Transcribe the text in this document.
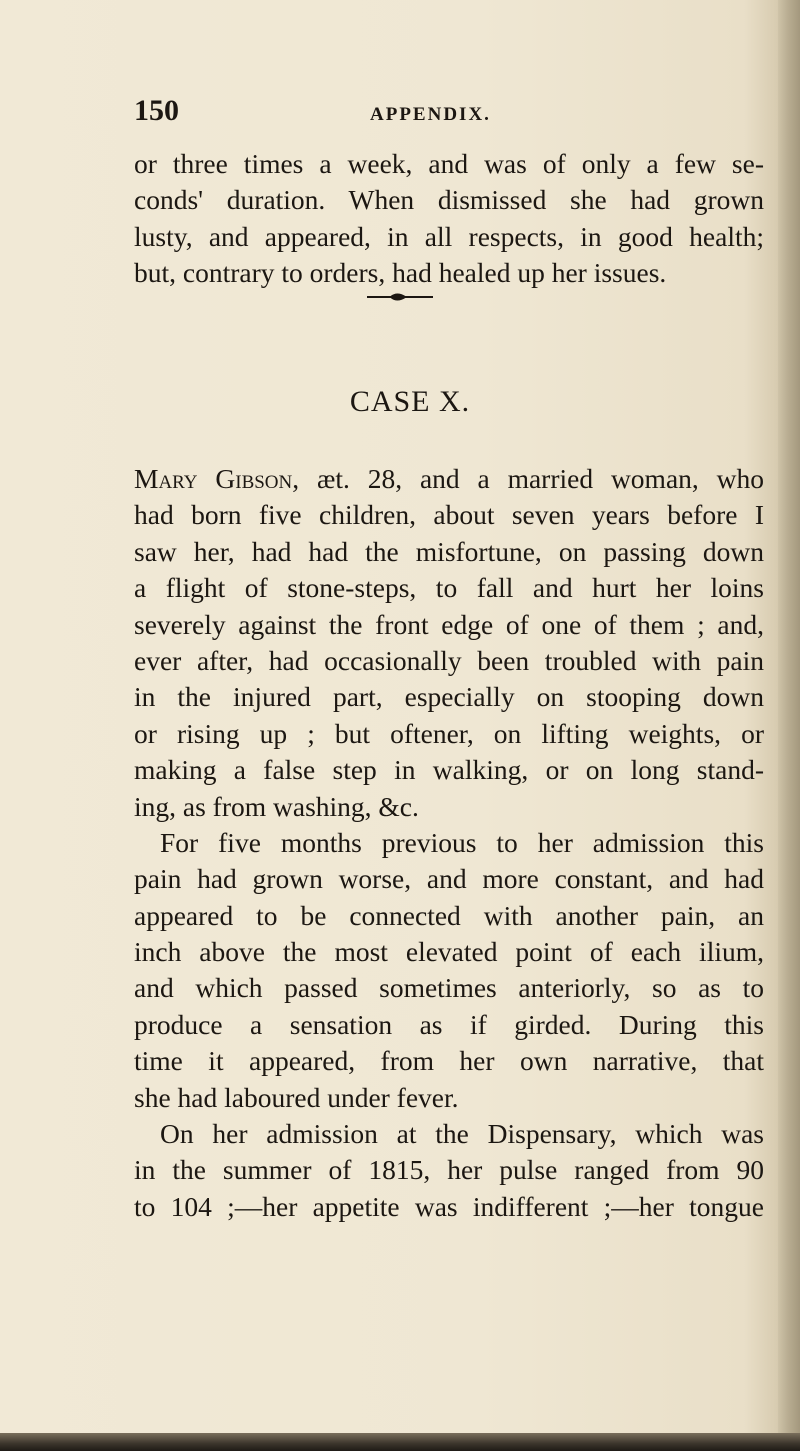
150	APPENDIX.
or three times a week, and was of only a few se-
conds' duration. When dismissed she had grown
lusty, and appeared, in all respects, in good health;
but, contrary to orders, had healed up her issues.
CASE X.
Mary Gibson, æt. 28, and a married woman, who
had born five children, about seven years before I
saw her, had had the misfortune, on passing down
a flight of stone-steps, to fall and hurt her loins
severely against the front edge of one of them ; and,
ever after, had occasionally been troubled with pain
in the injured part, especially on stooping down
or rising up ; but oftener, on lifting weights, or
making a false step in walking, or on long stand-
ing, as from washing, &c.
For five months previous to her admission this
pain had grown worse, and more constant, and had
appeared to be connected with another pain, an
inch above the most elevated point of each ilium,
and which passed sometimes anteriorly, so as to
produce a sensation as if girded. During this
time it appeared, from her own narrative, that
she had laboured under fever.
On her admission at the Dispensary, which was
in the summer of 1815, her pulse ranged from 90
to 104 ;—her appetite was indifferent ;—her tongue
